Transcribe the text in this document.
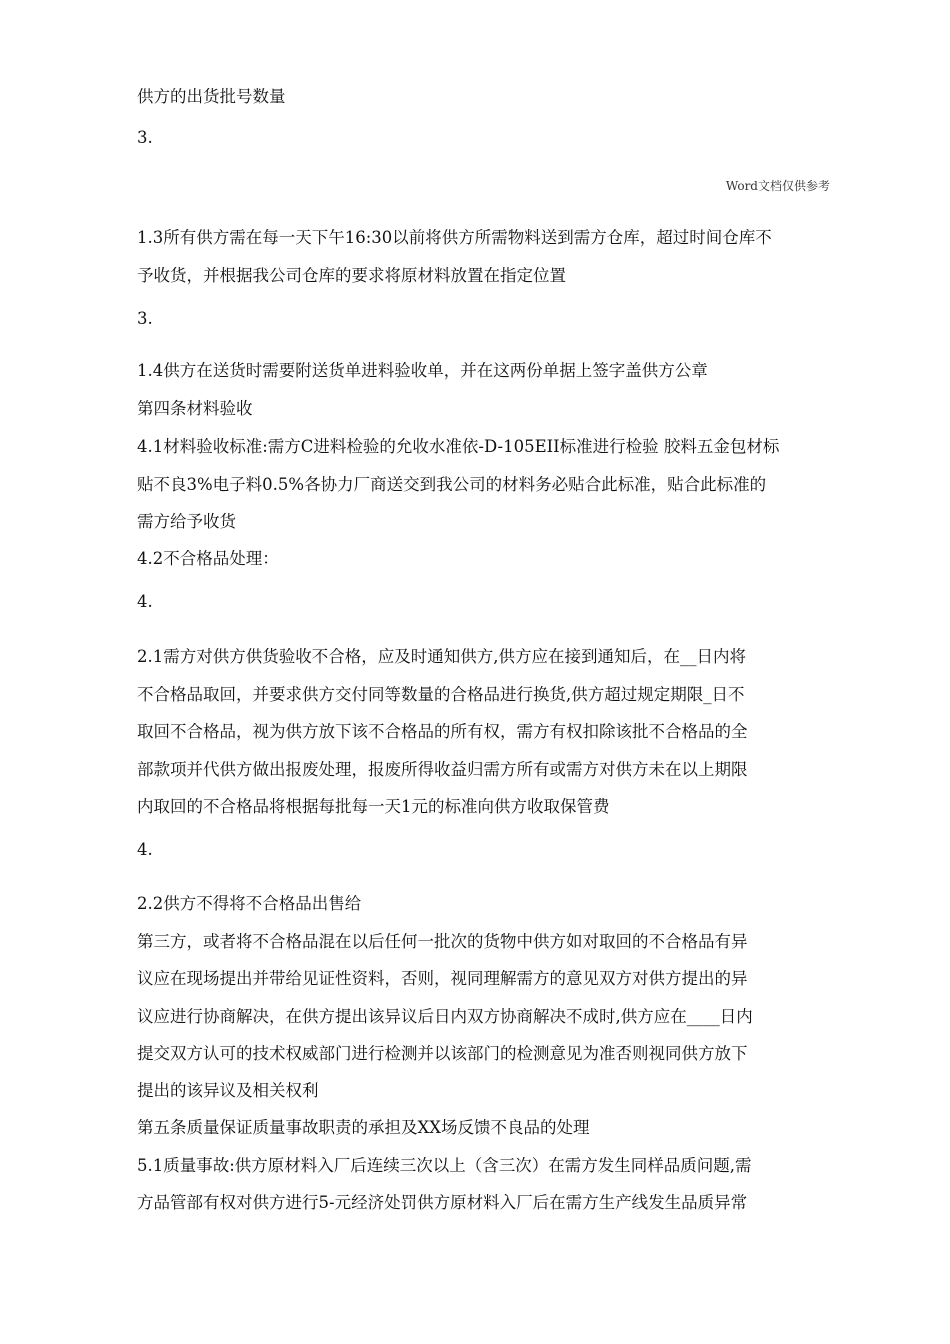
Word文档仅供参考
供方的出货批号数量
3.
1.3所有供方需在每一天下午16:30以前将供方所需物料送到需方仓库，超过时间仓库不
予收货，并根据我公司仓库的要求将原材料放置在指定位置
3.
1.4供方在送货时需要附送货单进料验收单，并在这两份单据上签字盖供方公章
第四条材料验收
4.1材料验收标准:需方C进料检验的允收水准依-D-105EII标准进行检验 胶料五金包材标
贴不良3%电子料0.5%各协力厂商送交到我公司的材料务必贴合此标准，贴合此标准的
需方给予收货
4.2不合格品处理：
4.
2.1需方对供方供货验收不合格，应及时通知供方,供方应在接到通知后，在__日内将
不合格品取回，并要求供方交付同等数量的合格品进行换货,供方超过规定期限_日不
取回不合格品，视为供方放下该不合格品的所有权，需方有权扣除该批不合格品的全
部款项并代供方做出报废处理，报废所得收益归需方所有或需方对供方未在以上期限
内取回的不合格品将根据每批每一天1元的标准向供方收取保管费
4.
2.2供方不得将不合格品出售给
第三方，或者将不合格品混在以后任何一批次的货物中供方如对取回的不合格品有异
议应在现场提出并带给见证性资料，否则，视同理解需方的意见双方对供方提出的异
议应进行协商解决，在供方提出该异议后日内双方协商解决不成时,供方应在____日内
提交双方认可的技术权威部门进行检测并以该部门的检测意见为准否则视同供方放下
提出的该异议及相关权利
第五条质量保证质量事故职责的承担及XX场反馈不良品的处理
5.1质量事故:供方原材料入厂后连续三次以上（含三次）在需方发生同样品质问题,需
方品管部有权对供方进行5-元经济处罚供方原材料入厂后在需方生产线发生品质异常
